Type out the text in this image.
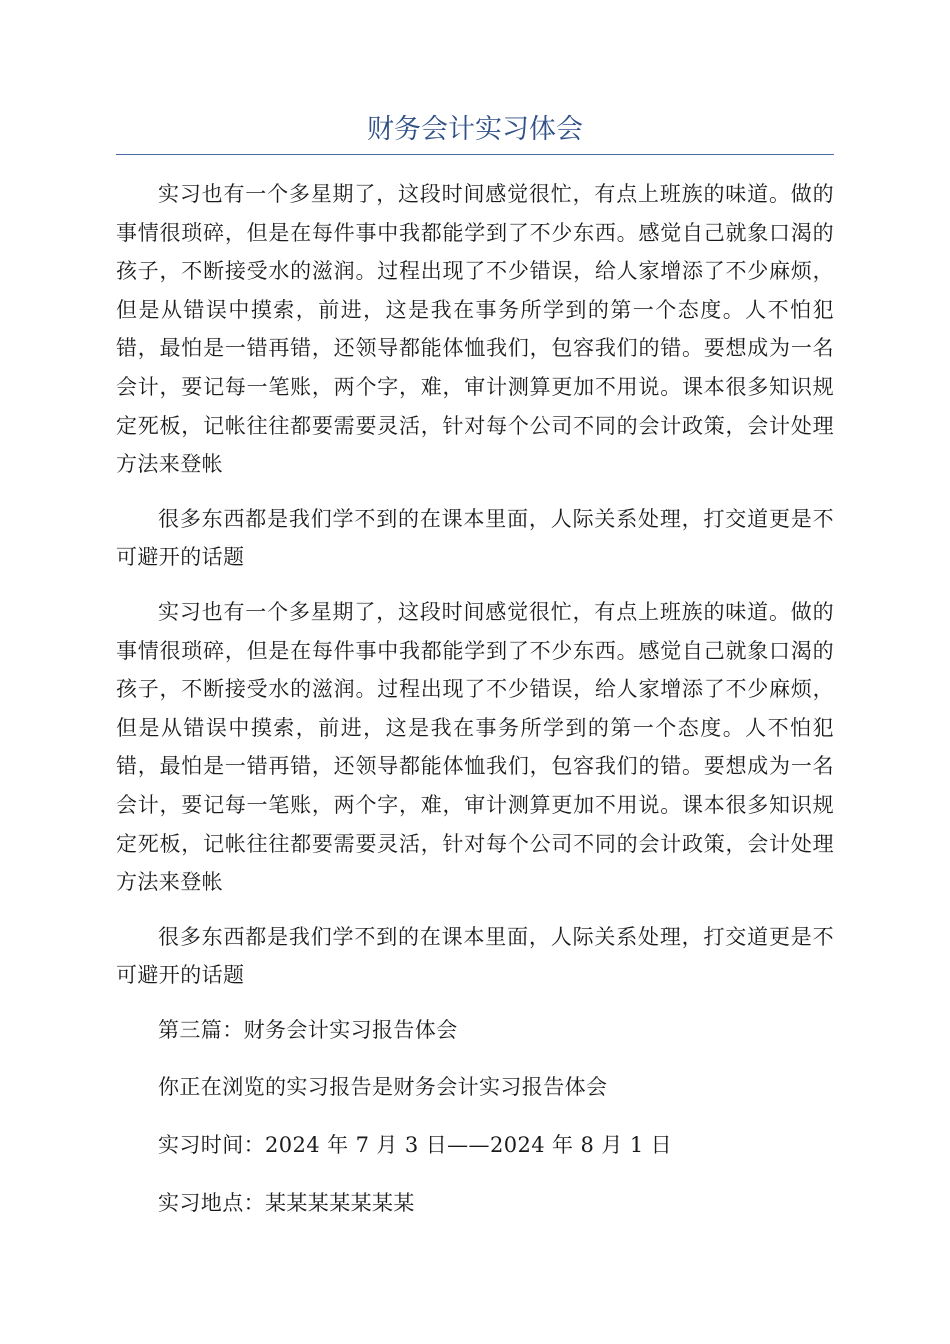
财务会计实习体会

实习也有一个多星期了，这段时间感觉很忙，有点上班族的味道。做的事情很琐碎，但是在每件事中我都能学到了不少东西。感觉自己就象口渴的孩子，不断接受水的滋润。过程出现了不少错误，给人家增添了不少麻烦，但是从错误中摸索，前进，这是我在事务所学到的第一个态度。人不怕犯错，最怕是一错再错，还领导都能体恤我们，包容我们的错。要想成为一名会计，要记每一笔账，两个字，难，审计测算更加不用说。课本很多知识规定死板，记帐往往都要需要灵活，针对每个公司不同的会计政策，会计处理方法来登帐

很多东西都是我们学不到的在课本里面，人际关系处理，打交道更是不可避开的话题

实习也有一个多星期了，这段时间感觉很忙，有点上班族的味道。做的事情很琐碎，但是在每件事中我都能学到了不少东西。感觉自己就象口渴的孩子，不断接受水的滋润。过程出现了不少错误，给人家增添了不少麻烦，但是从错误中摸索，前进，这是我在事务所学到的第一个态度。人不怕犯错，最怕是一错再错，还领导都能体恤我们，包容我们的错。要想成为一名会计，要记每一笔账，两个字，难，审计测算更加不用说。课本很多知识规定死板，记帐往往都要需要灵活，针对每个公司不同的会计政策，会计处理方法来登帐

很多东西都是我们学不到的在课本里面，人际关系处理，打交道更是不可避开的话题

第三篇：财务会计实习报告体会

你正在浏览的实习报告是财务会计实习报告体会

实习时间：2024 年 7 月 3 日——2024 年 8 月 1 日

实习地点：某某某某某某某
